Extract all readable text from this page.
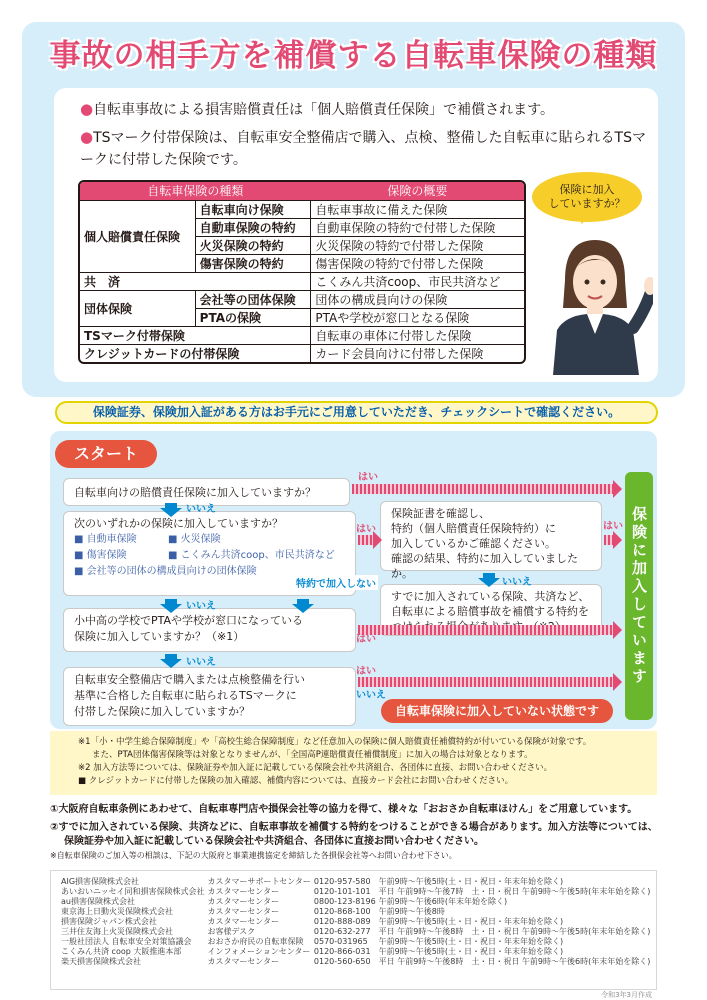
事故の相手方を補償する自転車保険の種類
●自転車事故による損害賠償責任は「個人賠償責任保険」で補償されます。
●TSマーク付帯保険は、自転車安全整備店で購入、点検、整備した自転車に貼られるTSマークに付帯した保険です。
自転車保険の種類		保険の概要
個人賠償責任保険	自転車向け保険	自転車事故に備えた保険
	自動車保険の特約	自動車保険の特約で付帯した保険
	火災保険の特約	火災保険の特約で付帯した保険
	傷害保険の特約	傷害保険の特約で付帯した保険
共　済		こくみん共済coop、市民共済など
団体保険	会社等の団体保険	団体の構成員向けの保険
	PTAの保険	PTAや学校が窓口となる保険
TSマーク付帯保険		自転車の車体に付帯した保険
クレジットカードの付帯保険		カード会員向けに付帯した保険
保険に加入
していますか？
保険証券、保険加入証がある方はお手元にご用意していただき、チェックシートで確認ください。
スタート
自転車向けの賠償責任保険に加入していますか？
次のいずれかの保険に加入していますか？
■ 自動車保険	■ 火災保険
■ 傷害保険	■ こくみん共済coop、市民共済など
■ 会社等の団体の構成員向けの団体保険
小中高の学校でPTAや学校が窓口になっている
保険に加入していますか？（※1）
自転車安全整備店で購入または点検整備を行い
基準に合格した自転車に貼られるTSマークに
付帯した保険に加入していますか？
保険証書を確認し、
特約（個人賠償責任保険特約）に
加入しているかご確認ください。
確認の結果、特約に加入していましたか。
すでに加入されている保険、共済など、
自転車による賠償事故を補償する特約を
はい
はい	はい
はい
はい
いいえ
いいえ
特約で加入しない
いいえ
いいえ
いいえ
保険に加入しています
自転車保険に加入していない状態です
※1「小・中学生総合保障制度」や「高校生総合保障制度」など任意加入の保険に個人賠償責任補償特約が付いている保険が対象です。
また、PTA団体傷害保険等は対象となりませんが、「全国高P連賠償責任補償制度」に加入の場合は対象となります。
※2 加入方法等については、保険証券や加入証に記載している保険会社や共済組合、各団体に直接、お問い合わせください。
■ クレジットカードに付帯した保険の加入確認、補償内容については、直接カード会社にお問い合わせください。
①大阪府自転車条例にあわせて、自転車専門店や損保会社等の協力を得て、様々な「おおさか自転車ほけん」をご用意しています。
②すでに加入されている保険、共済などに、自転車事故を補償する特約をつけることができる場合があります。加入方法等については、
保険証券や加入証に記載している保険会社や共済組合、各団体に直接お問い合わせください。
※自転車保険のご加入等の相談は、下記の大阪府と事業連携協定を締結した各損保会社等へお問い合わせ下さい。
AIG損害保険株式会社	カスタマーサポートセンター	0120-957-580	午前9時〜午後5時(土・日・祝日・年末年始を除く)
あいおいニッセイ同和損害保険株式会社	カスタマーセンター	0120-101-101	平日 午前9時〜午後7時　土・日・祝日 午前9時〜午後5時(年末年始を除く)
au損害保険株式会社	カスタマーセンター	0800-123-8196	午前9時〜午後6時(年末年始を除く)
東京海上日動火災保険株式会社	カスタマーセンター	0120-868-100	午前9時〜午後8時
損害保険ジャパン株式会社	カスタマーセンター	0120-888-089	午前9時〜午後5時(土・日・祝日・年末年始を除く)
三井住友海上火災保険株式会社	お客様デスク	0120-632-277	平日 午前9時〜午後8時　土・日・祝日 午前9時〜午後5時(年末年始を除く)
一般社団法人 自転車安全対策協議会	おおさか府民の自転車保険	0570-031965	午前9時〜午後5時(土・日・祝日・年末年始を除く)
こくみん共済 coop 大阪推進本部	インフォメーションセンター	0120-866-031	午前9時〜午後5時(土・日・祝日・年末年始を除く)
楽天損害保険株式会社	カスタマーセンター	0120-560-650	平日 午前9時〜午後8時　土・日・祝日 午前9時〜午後6時(年末年始を除く)
令和3年3月作成
